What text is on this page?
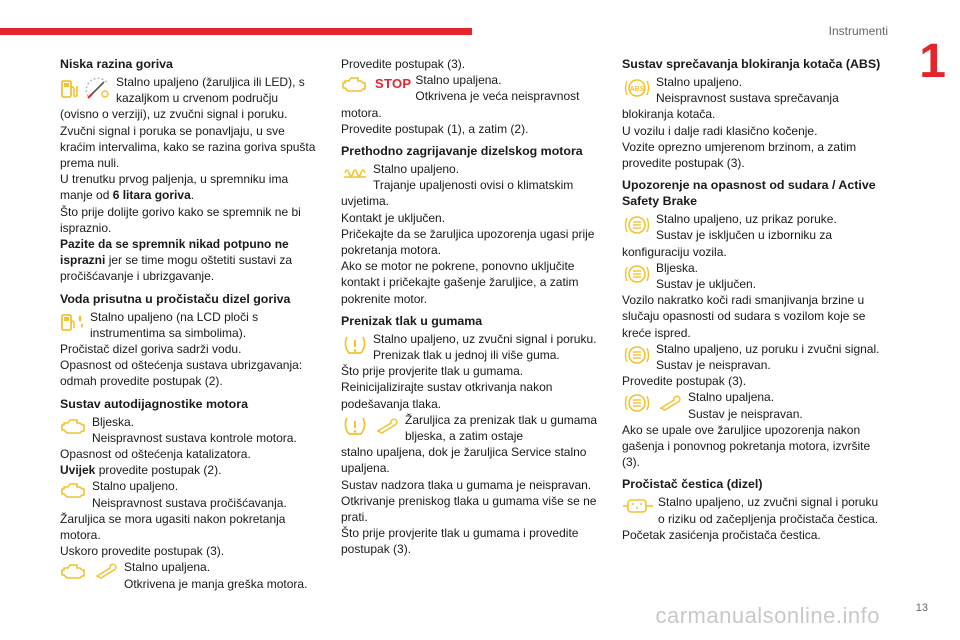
Instrumenti
1
Niska razina goriva
Stalno upaljeno (žaruljica ili LED), s kazaljkom u crvenom području

(ovisno o verziji), uz zvučni signal i poruku.

Zvučni signal i poruka se ponavljaju, u sve kraćim intervalima, kako se razina goriva spušta prema nuli.

U trenutku prvog paljenja, u spremniku ima manje od 6 litara goriva.

Što prije dolijte gorivo kako se spremnik ne bi ispraznio.

Pazite da se spremnik nikad potpuno ne isprazni jer se time mogu oštetiti sustavi za pročišćavanje i ubrizgavanje.

Voda prisutna u pročistaču dizel goriva
Stalno upaljeno (na LCD ploči s instrumentima sa simbolima).

Pročistač dizel goriva sadrži vodu.

Opasnost od oštećenja sustava ubrizgavanja: odmah provedite postupak (2).

Sustav autodijagnostike motora
Bljeska.
Neispravnost sustava kontrole motora.

Opasnost od oštećenja katalizatora.

Uvijek provedite postupak (2).

Stalno upaljeno.
Neispravnost sustava pročišćavanja.

Žaruljica se mora ugasiti nakon pokretanja motora.

Uskoro provedite postupak (3).

Stalno upaljena.
Otkrivena je manja greška motora.

Provedite postupak (3).

STOP Stalno upaljena.
Otkrivena je veća neispravnost

motora.

Provedite postupak (1), a zatim (2).

Prethodno zagrijavanje dizelskog motora
Stalno upaljeno.
Trajanje upaljenosti ovisi o klimatskim

uvjetima.

Kontakt je uključen.

Pričekajte da se žaruljica upozorenja ugasi prije pokretanja motora.

Ako se motor ne pokrene, ponovno uključite kontakt i pričekajte gašenje žaruljice, a zatim pokrenite motor.

Prenizak tlak u gumama
Stalno upaljeno, uz zvučni signal i poruku.
Prenizak tlak u jednoj ili više guma.

Što prije provjerite tlak u gumama.

Reinicijalizirajte sustav otkrivanja nakon podešavanja tlaka.

Žaruljica za prenizak tlak u gumama bljeska, a zatim ostaje

stalno upaljena, dok je žaruljica Service stalno upaljena.

Sustav nadzora tlaka u gumama je neispravan.

Otkrivanje preniskog tlaka u gumama više se ne prati.

Što prije provjerite tlak u gumama i provedite postupak (3).

Sustav sprečavanja blokiranja kotača (ABS)
ABS
Stalno upaljeno.
Neispravnost sustava sprečavanja

blokiranja kotača.

U vozilu i dalje radi klasično kočenje.

Vozite oprezno umjerenom brzinom, a zatim provedite postupak (3).

Upozorenje na opasnost od sudara / Active Safety Brake
Stalno upaljeno, uz prikaz poruke.
Sustav je isključen u izborniku za

konfiguraciju vozila.

Bljeska.
Sustav je uključen.

Vozilo nakratko koči radi smanjivanja brzine u slučaju opasnosti od sudara s vozilom koje se kreće ispred.

Stalno upaljeno, uz poruku i zvučni signal.
Sustav je neispravan.

Provedite postupak (3).

Stalno upaljena.
Sustav je neispravan.

Ako se upale ove žaruljice upozorenja nakon gašenja i ponovnog pokretanja motora, izvršite (3).

Pročistač čestica (dizel)
Stalno upaljeno, uz zvučni signal i poruku
o riziku od začepljenja pročistača čestica.

Početak zasićenja pročistača čestica.

carmanualsonline.info	13
